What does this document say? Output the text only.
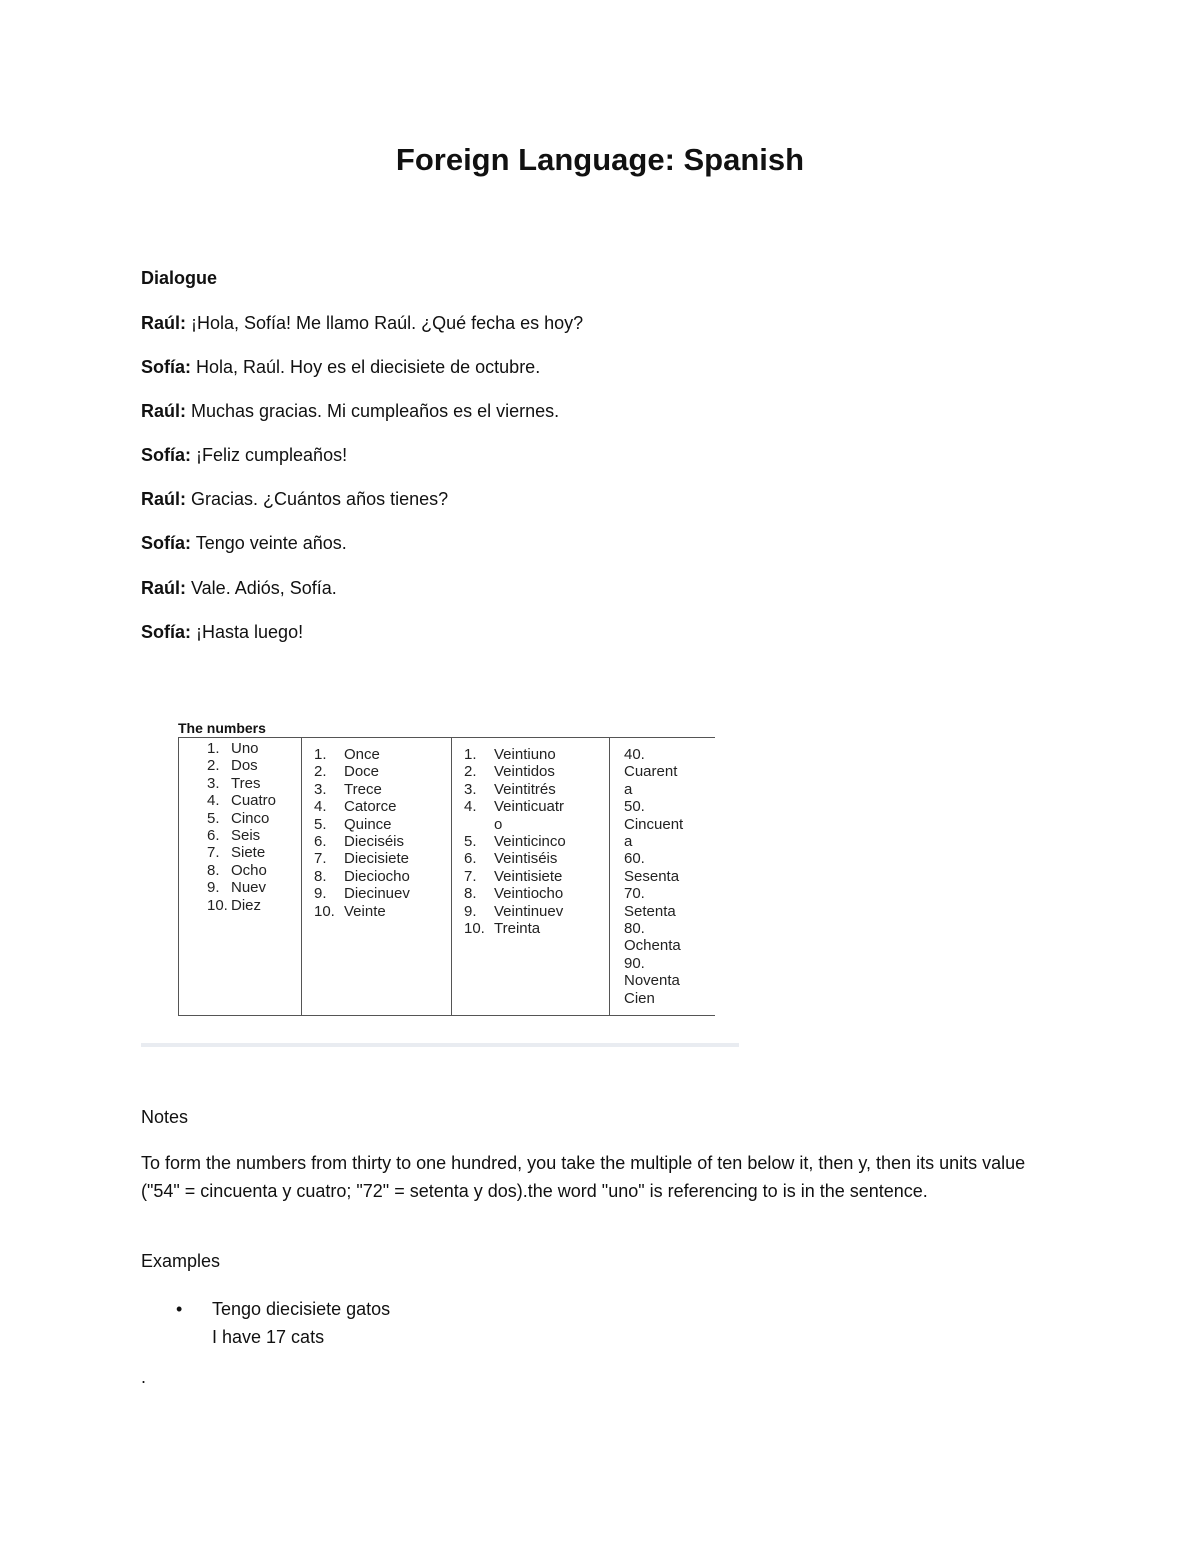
Foreign Language: Spanish
Dialogue
Raúl: ¡Hola, Sofía! Me llamo Raúl. ¿Qué fecha es hoy?
Sofía: Hola, Raúl. Hoy es el diecisiete de octubre.
Raúl: Muchas gracias. Mi cumpleaños es el viernes.
Sofía: ¡Feliz cumpleaños!
Raúl: Gracias. ¿Cuántos años tienes?
Sofía: Tengo veinte años.
Raúl: Vale. Adiós, Sofía.
Sofía: ¡Hasta luego!
The numbers
1. Uno
2. Dos
3. Tres
4. Cuatro
5. Cinco
6. Seis
7. Siete
8. Ocho
9. Nuev
10. Diez
1. Once
2. Doce
3. Trece
4. Catorce
5. Quince
6. Dieciséis
7. Diecisiete
8. Dieciocho
9. Diecinuev
10. Veinte
1. Veintiuno
2. Veintidos
3. Veintitrés
4. Veinticuatr
o
5. Veinticinco
6. Veintiséis
7. Veintisiete
8. Veintiocho
9. Veintinuev
10. Treinta
40.
Cuarent
a
50.
Cincuent
a
60.
Sesenta
70.
Setenta
80.
Ochenta
90.
Noventa
Cien
Notes

To form the numbers from thirty to one hundred, you take the multiple of ten below it, then y, then its units value ("54" = cincuenta y cuatro; "72" = setenta y dos).the word "uno" is referencing to is in the sentence.

Examples
• Tengo diecisiete gatos
I have 17 cats
.
